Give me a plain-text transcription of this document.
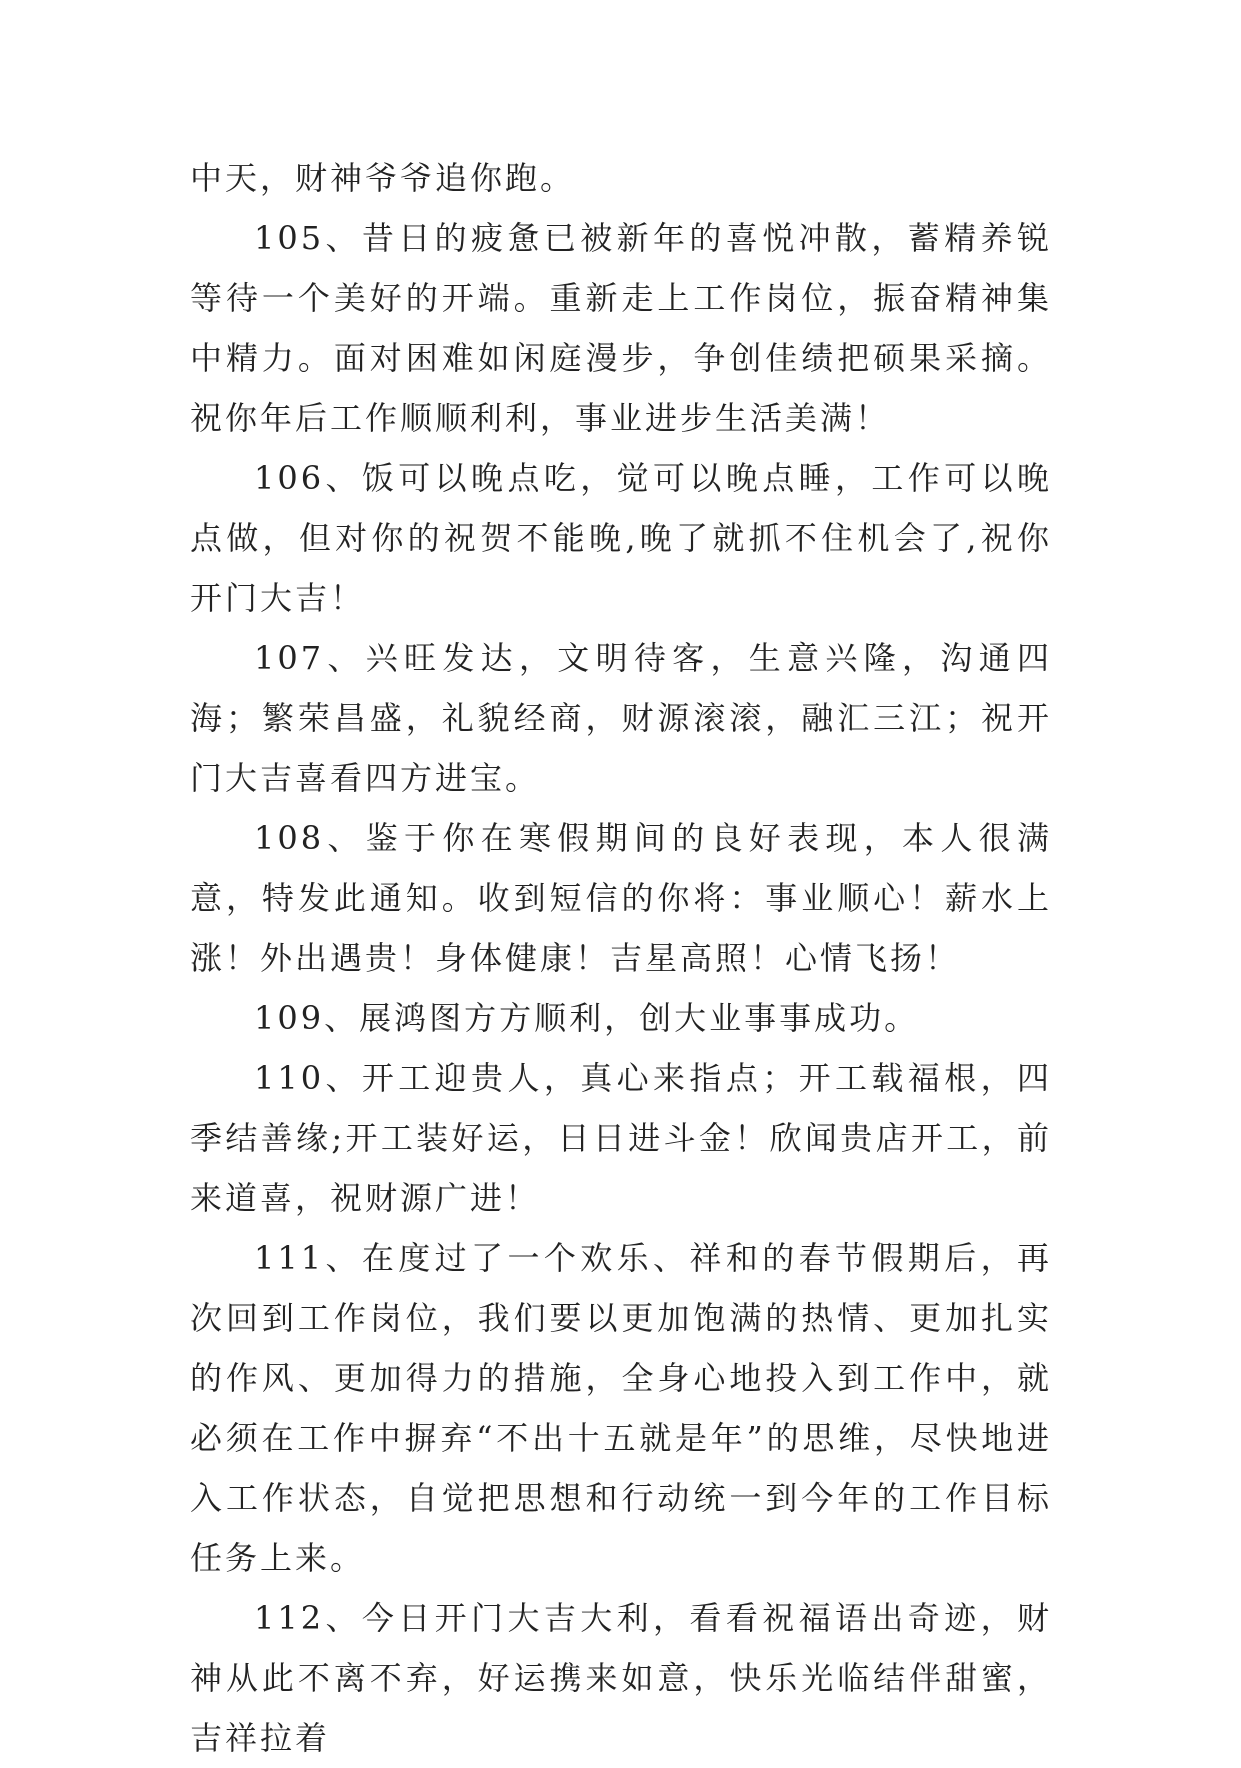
中天，财神爷爷追你跑。

105、昔日的疲惫已被新年的喜悦冲散，蓄精养锐等待一个美好的开端。重新走上工作岗位，振奋精神集中精力。面对困难如闲庭漫步，争创佳绩把硕果采摘。祝你年后工作顺顺利利，事业进步生活美满！

106、饭可以晚点吃，觉可以晚点睡，工作可以晚点做，但对你的祝贺不能晚,晚了就抓不住机会了,祝你开门大吉！

107、兴旺发达，文明待客，生意兴隆，沟通四海；繁荣昌盛，礼貌经商，财源滚滚，融汇三江；祝开门大吉喜看四方进宝。

108、鉴于你在寒假期间的良好表现，本人很满意，特发此通知。收到短信的你将：事业顺心！薪水上涨！外出遇贵！身体健康！吉星高照！心情飞扬！

109、展鸿图方方顺利，创大业事事成功。

110、开工迎贵人，真心来指点；开工载福根，四季结善缘;开工装好运，日日进斗金！欣闻贵店开工，前来道喜，祝财源广进！

111、在度过了一个欢乐、祥和的春节假期后，再次回到工作岗位，我们要以更加饱满的热情、更加扎实的作风、更加得力的措施，全身心地投入到工作中，就必须在工作中摒弃“不出十五就是年”的思维，尽快地进入工作状态，自觉把思想和行动统一到今年的工作目标任务上来。

112、今日开门大吉大利，看看祝福语出奇迹，财神从此不离不弃，好运携来如意，快乐光临结伴甜蜜，吉祥拉着
